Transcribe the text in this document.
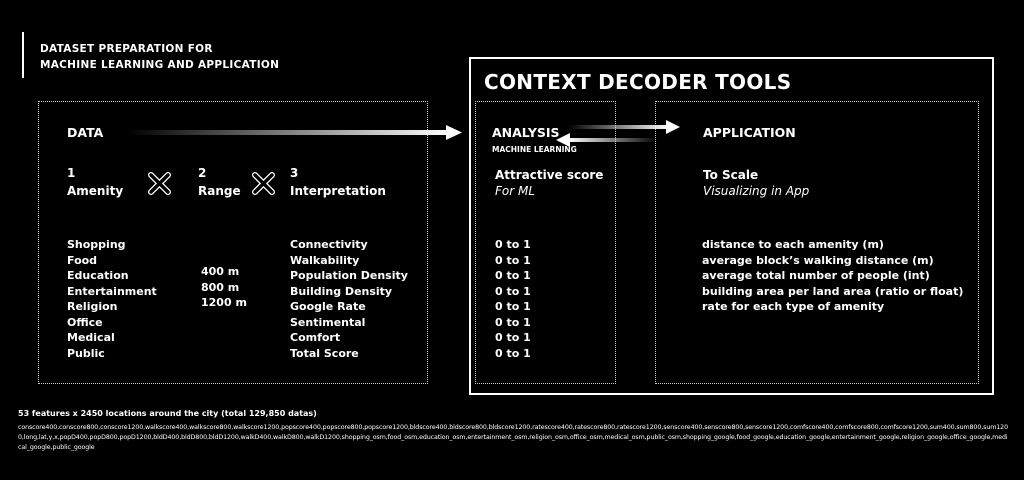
DATASET PREPARATION FOR
MACHINE LEARNING AND APPLICATION
DATA
1
Amenity
2
Range
3
Interpretation
Shopping
Food
Education
Entertainment
Religion
Office
Medical
Public
400 m
800 m
1200 m
Connectivity
Walkability
Population Density
Building Density
Google Rate
Sentimental
Comfort
Total Score
CONTEXT DECODER TOOLS
ANALYSIS
MACHINE LEARNING
Attractive score
For ML
0 to 1
0 to 1
0 to 1
0 to 1
0 to 1
0 to 1
0 to 1
0 to 1
APPLICATION
To Scale
Visualizing in App
distance to each amenity (m)
average block’s walking distance (m)
average total number of people (int)
building area per land area (ratio or float)
rate for each type of amenity
53 features x 2450 locations around the city (total 129,850 datas)
conscore400,conscore800,conscore1200,walkscore400,walkscore800,walkscore1200,popscore400,popscore800,popscore1200,bldscore400,bldscore800,bldscore1200,ratescore400,ratescore800,ratescore1200,senscore400,senscore800,senscore1200,comfscore400,comfscore800,comfscore1200,sum400,sum800,sum1200,long,lat,y,x,popD400,popD800,popD1200,bldD400,bldD800,bldD1200,walkD400,walkD800,walkD1200,shopping_osm,food_osm,education_osm,entertainment_osm,religion_osm,office_osm,medical_osm,public_osm,shopping_google,food_google,education_google,entertainment_google,religion_google,office_google,medical_google,public_google
